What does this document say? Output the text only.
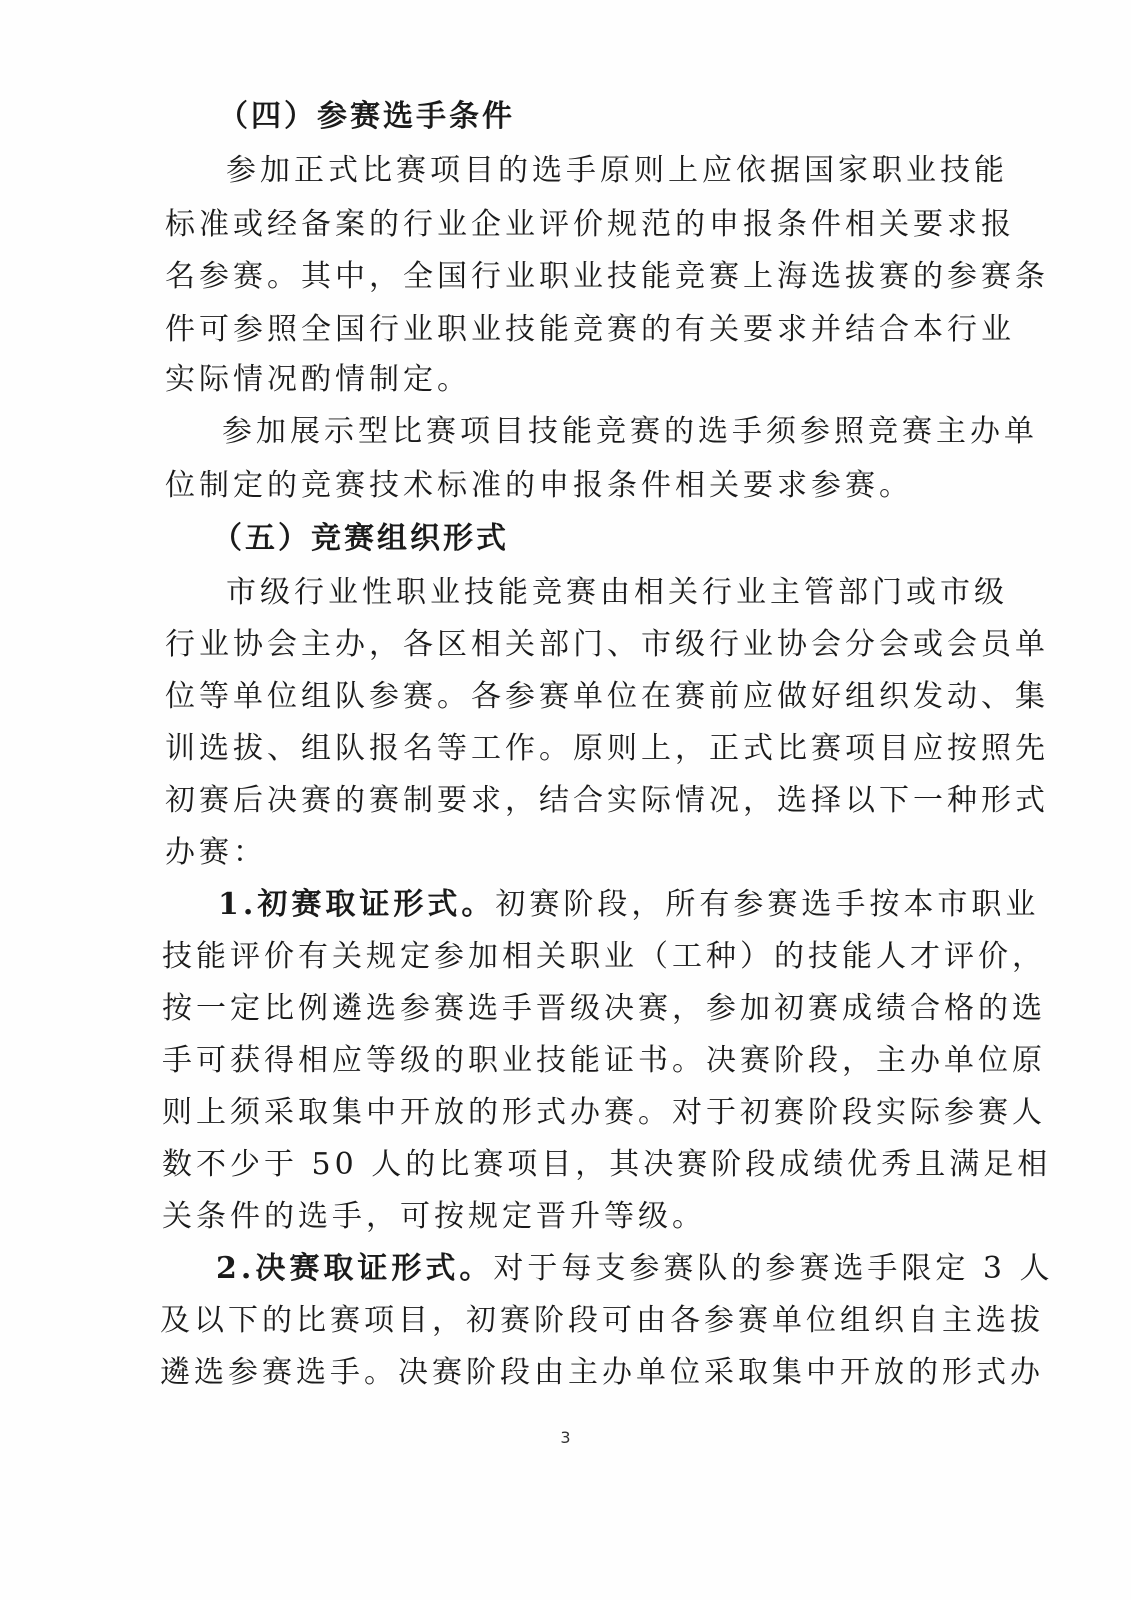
（四）参赛选手条件
参加正式比赛项目的选手原则上应依据国家职业技能
标准或经备案的行业企业评价规范的申报条件相关要求报
名参赛。其中，全国行业职业技能竞赛上海选拔赛的参赛条
件可参照全国行业职业技能竞赛的有关要求并结合本行业
实际情况酌情制定。
参加展示型比赛项目技能竞赛的选手须参照竞赛主办单
位制定的竞赛技术标准的申报条件相关要求参赛。
（五）竞赛组织形式
市级行业性职业技能竞赛由相关行业主管部门或市级
行业协会主办，各区相关部门、市级行业协会分会或会员单
位等单位组队参赛。各参赛单位在赛前应做好组织发动、集
训选拔、组队报名等工作。原则上，正式比赛项目应按照先
初赛后决赛的赛制要求，结合实际情况，选择以下一种形式
办赛：
1.初赛取证形式。初赛阶段，所有参赛选手按本市职业
技能评价有关规定参加相关职业（工种）的技能人才评价，
按一定比例遴选参赛选手晋级决赛，参加初赛成绩合格的选
手可获得相应等级的职业技能证书。决赛阶段，主办单位原
则上须采取集中开放的形式办赛。对于初赛阶段实际参赛人
数不少于 50 人的比赛项目，其决赛阶段成绩优秀且满足相
关条件的选手，可按规定晋升等级。
2.决赛取证形式。对于每支参赛队的参赛选手限定 3 人
及以下的比赛项目，初赛阶段可由各参赛单位组织自主选拔
遴选参赛选手。决赛阶段由主办单位采取集中开放的形式办
3
